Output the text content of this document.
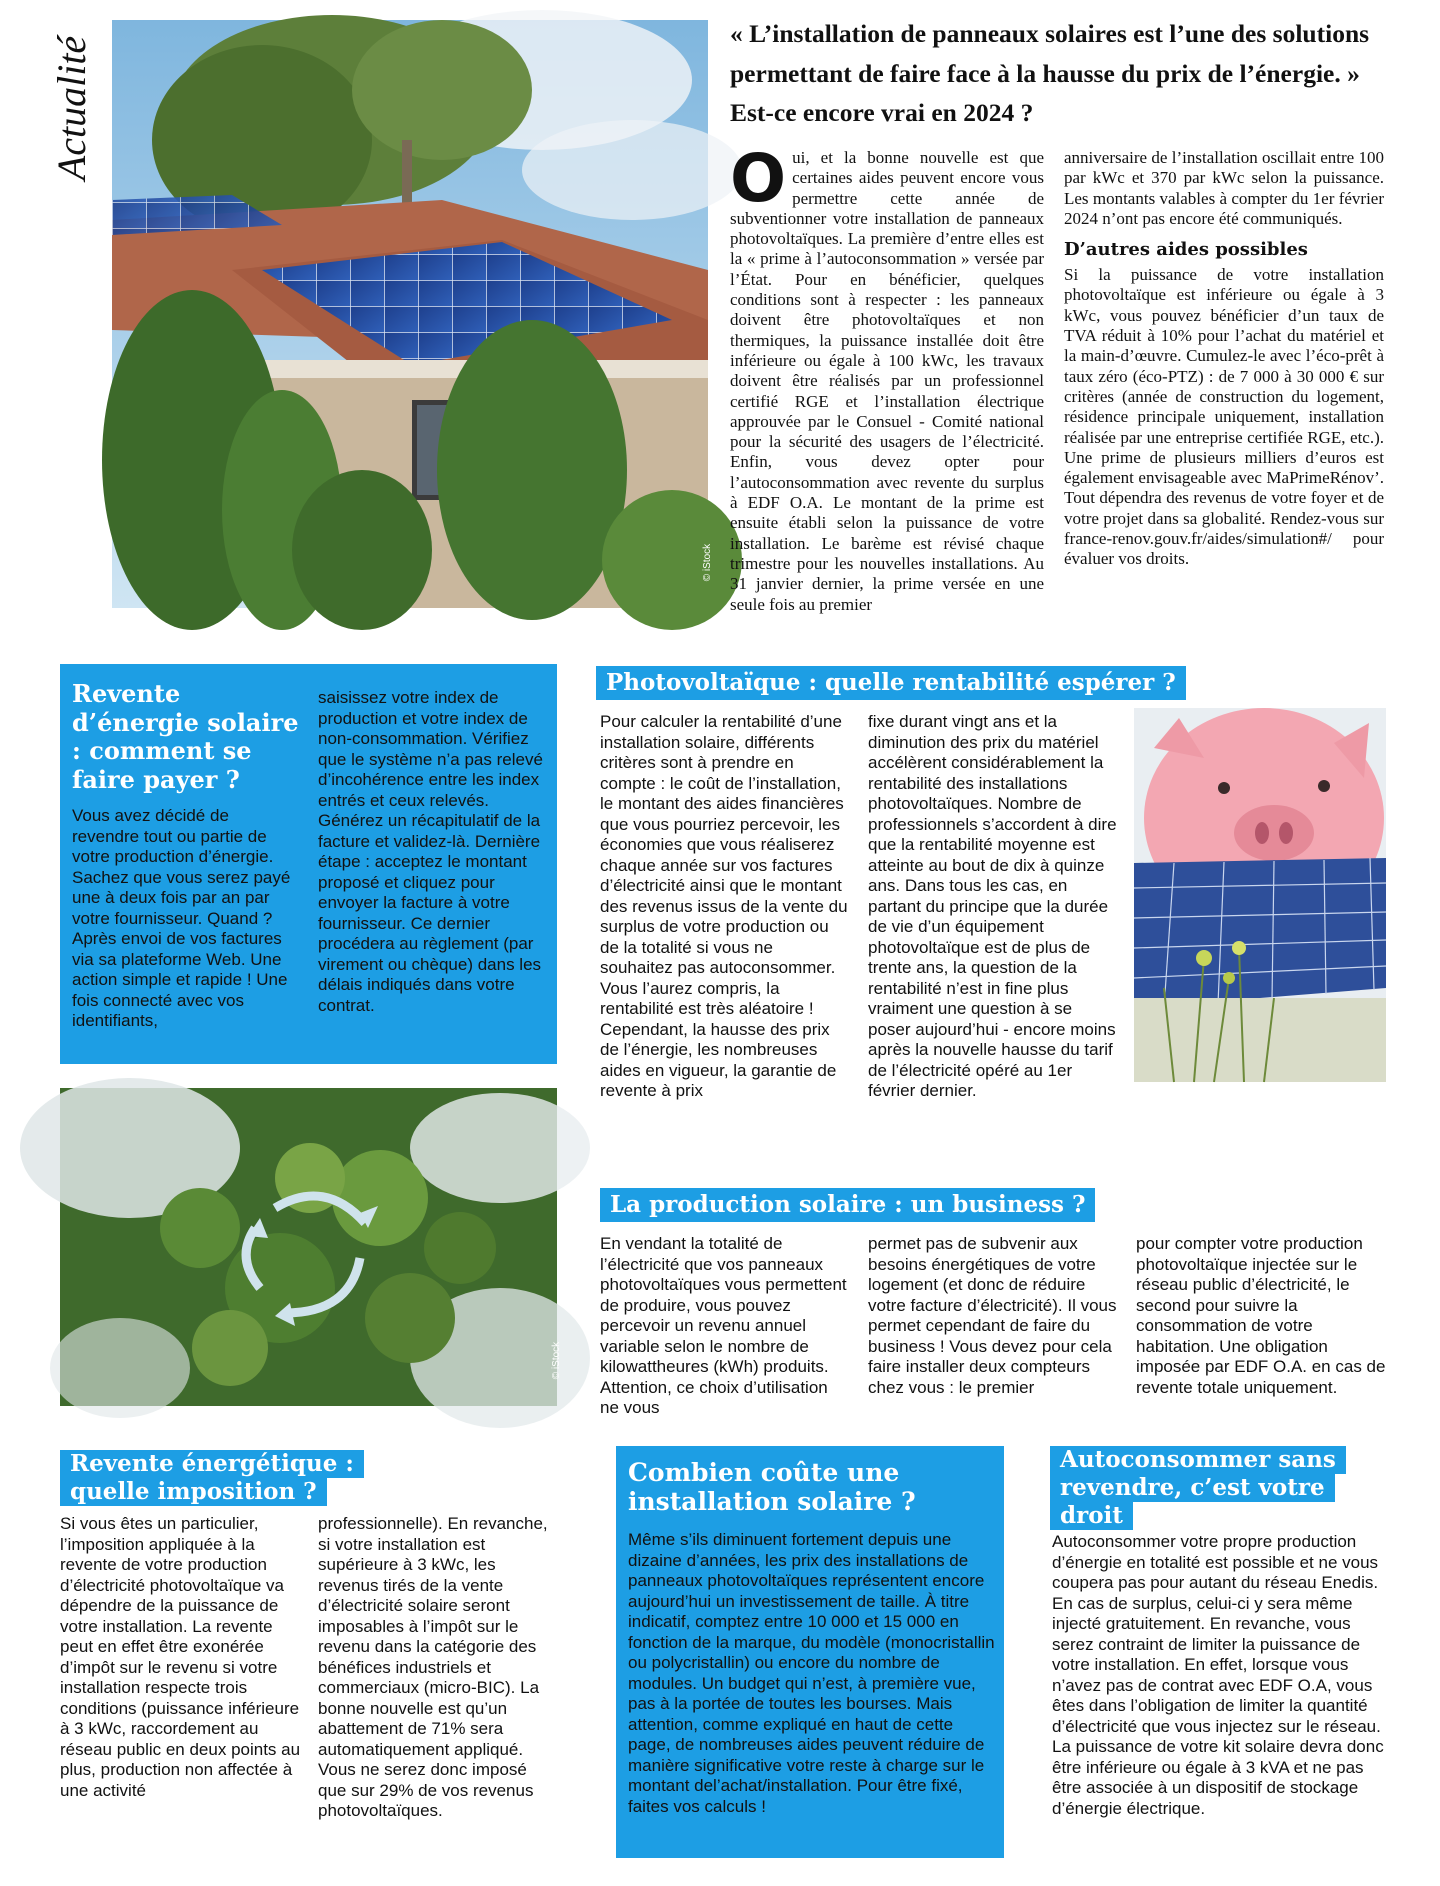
Actualité
© iStock
« L’installation de panneaux solaires est l’une des solutions permettant de faire face à la hausse du prix de l’énergie. » Est-ce encore vrai en 2024 ?
O ui, et la bonne nouvelle est que certaines aides peuvent encore vous permettre cette année de subventionner votre installation de panneaux photovoltaïques. La première d’entre elles est la « prime à l’autoconsommation » versée par l’État. Pour en bénéficier, quelques conditions sont à respecter : les panneaux doivent être photovoltaïques et non thermiques, la puissance installée doit être inférieure ou égale à 100 kWc, les travaux doivent être réalisés par un professionnel certifié RGE et l’installation électrique approuvée par le Consuel - Comité national pour la sécurité des usagers de l’électricité. Enfin, vous devez opter pour l’autoconsommation avec revente du surplus à EDF O.A. Le montant de la prime est ensuite établi selon la puissance de votre installation. Le barème est révisé chaque trimestre pour les nouvelles installations. Au 31 janvier dernier, la prime versée en une seule fois au premier

anniversaire de l’installation oscillait entre 100 par kWc et 370 par kWc selon la puissance. Les montants valables à compter du 1er février 2024 n’ont pas encore été communiqués.

D’autres aides possibles

Si la puissance de votre installation photovoltaïque est inférieure ou égale à 3 kWc, vous pouvez bénéficier d’un taux de TVA réduit à 10% pour l’achat du matériel et la main-d’œuvre. Cumulez-le avec l’éco-prêt à taux zéro (éco-PTZ) : de 7 000 à 30 000 € sur critères (année de construction du logement, résidence principale uniquement, installation réalisée par une entreprise certifiée RGE, etc.). Une prime de plusieurs milliers d’euros est également envisageable avec MaPrimeRénov’. Tout dépendra des revenus de votre foyer et de votre projet dans sa globalité. Rendez-vous sur france-renov.gouv.fr/aides/simulation#/ pour évaluer vos droits.

Revente d’énergie solaire : comment se faire payer ?
Vous avez décidé de revendre tout ou partie de votre production d’énergie. Sachez que vous serez payé une à deux fois par an par votre fournisseur. Quand ? Après envoi de vos factures via sa plateforme Web. Une action simple et rapide ! Une fois connecté avec vos identifiants,
saisissez votre index de production et votre index de non-consommation. Vérifiez que le système n’a pas relevé d’incohérence entre les index entrés et ceux relevés. Générez un récapitulatif de la facture et validez-là. Dernière étape : acceptez le montant proposé et cliquez pour envoyer la facture à votre fournisseur. Ce dernier procédera au règlement (par virement ou chèque) dans les délais indiqués dans votre contrat.
© iStock
Photovoltaïque : quelle rentabilité espérer ?
Pour calculer la rentabilité d’une installation solaire, différents critères sont à prendre en compte : le coût de l’installation, le montant des aides financières que vous pourriez percevoir, les économies que vous réaliserez chaque année sur vos factures d’électricité ainsi que le montant des revenus issus de la vente du surplus de votre production ou de la totalité si vous ne souhaitez pas autoconsommer. Vous l’aurez compris, la rentabilité est très aléatoire ! Cependant, la hausse des prix de l’énergie, les nombreuses aides en vigueur, la garantie de revente à prix
fixe durant vingt ans et la diminution des prix du matériel accélèrent considérablement la rentabilité des installations photovoltaïques. Nombre de professionnels s’accordent à dire que la rentabilité moyenne est atteinte au bout de dix à quinze ans. Dans tous les cas, en partant du principe que la durée de vie d’un équipement photovoltaïque est de plus de trente ans, la question de la rentabilité n’est in fine plus vraiment une question à se poser aujourd’hui - encore moins après la nouvelle hausse du tarif de l’électricité opéré au 1er février dernier.
La production solaire : un business ?
En vendant la totalité de l’électricité que vos panneaux photovoltaïques vous permettent de produire, vous pouvez percevoir un revenu annuel variable selon le nombre de kilowattheures (kWh) produits. Attention, ce choix d’utilisation ne vous
permet pas de subvenir aux besoins énergétiques de votre logement (et donc de réduire votre facture d’électricité). Il vous permet cependant de faire du business ! Vous devez pour cela faire installer deux compteurs chez vous : le premier
pour compter votre production photovoltaïque injectée sur le réseau public d’électricité, le second pour suivre la consommation de votre habitation. Une obligation imposée par EDF O.A. en cas de revente totale uniquement.
Revente énergétique :
quelle imposition ?
Si vous êtes un particulier, l’imposition appliquée à la revente de votre production d’électricité photovoltaïque va dépendre de la puissance de votre installation. La revente peut en effet être exonérée d’impôt sur le revenu si votre installation respecte trois conditions (puissance inférieure à 3 kWc, raccordement au réseau public en deux points au plus, production non affectée à une activité
professionnelle). En revanche, si votre installation est supérieure à 3 kWc, les revenus tirés de la vente d’électricité solaire seront imposables à l’impôt sur le revenu dans la catégorie des bénéfices industriels et commerciaux (micro-BIC). La bonne nouvelle est qu’un abattement de 71% sera automatiquement appliqué. Vous ne serez donc imposé que sur 29% de vos revenus photovoltaïques.
Combien coûte une installation solaire ?
Même s’ils diminuent fortement depuis une dizaine d’années, les prix des installations de panneaux photovoltaïques représentent encore aujourd’hui un investissement de taille. À titre indicatif, comptez entre 10 000 et 15 000 en fonction de la marque, du modèle (monocristallin ou polycristallin) ou encore du nombre de modules. Un budget qui n’est, à première vue, pas à la portée de toutes les bourses. Mais attention, comme expliqué en haut de cette page, de nombreuses aides peuvent réduire de manière significative votre reste à charge sur le montant del’achat/installation. Pour être fixé, faites vos calculs !
Autoconsommer sans
revendre, c’est votre
droit
Autoconsommer votre propre production d’énergie en totalité est possible et ne vous coupera pas pour autant du réseau Enedis. En cas de surplus, celui-ci y sera même injecté gratuitement. En revanche, vous serez contraint de limiter la puissance de votre installation. En effet, lorsque vous n’avez pas de contrat avec EDF O.A, vous êtes dans l’obligation de limiter la quantité d’électricité que vous injectez sur le réseau. La puissance de votre kit solaire devra donc être inférieure ou égale à 3 kVA et ne pas être associée à un dispositif de stockage d’énergie électrique.
